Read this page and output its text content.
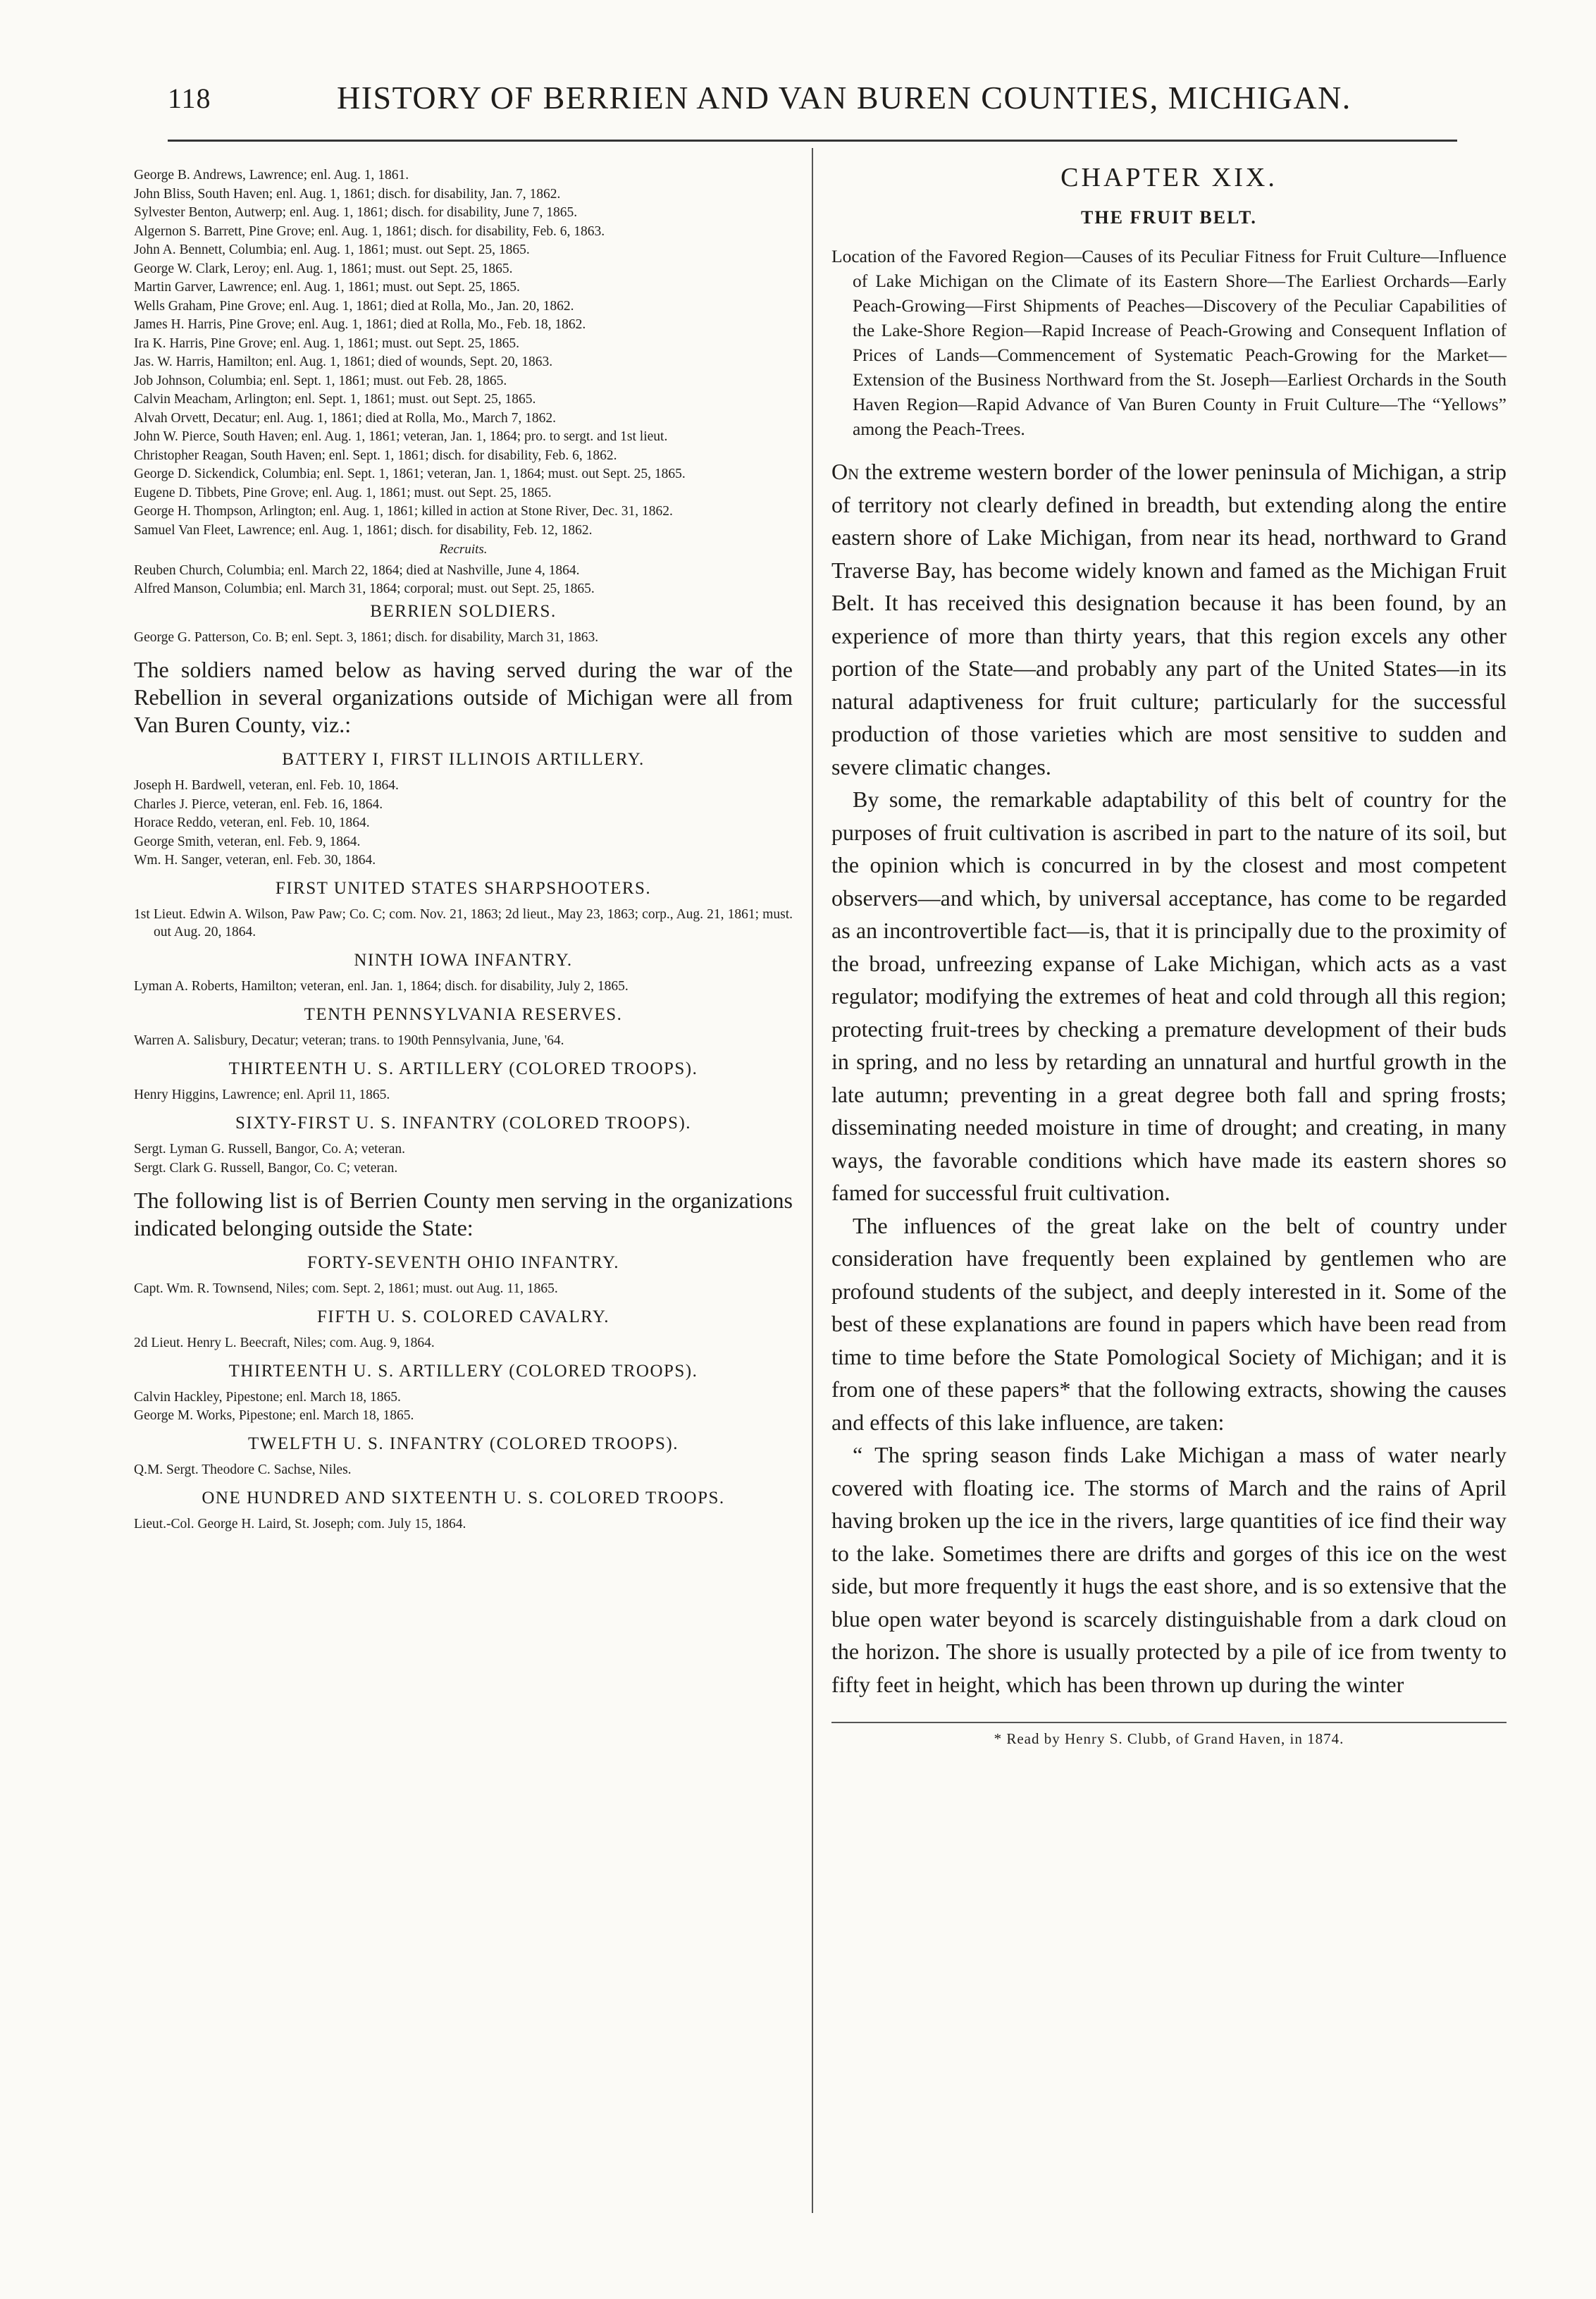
118	HISTORY OF BERRIEN AND VAN BUREN COUNTIES, MICHIGAN.
George B. Andrews, Lawrence; enl. Aug. 1, 1861.
John Bliss, South Haven; enl. Aug. 1, 1861; disch. for disability, Jan. 7, 1862.
Sylvester Benton, Autwerp; enl. Aug. 1, 1861; disch. for disability, June 7, 1865.
Algernon S. Barrett, Pine Grove; enl. Aug. 1, 1861; disch. for disability, Feb. 6, 1863.
John A. Bennett, Columbia; enl. Aug. 1, 1861; must. out Sept. 25, 1865.
George W. Clark, Leroy; enl. Aug. 1, 1861; must. out Sept. 25, 1865.
Martin Garver, Lawrence; enl. Aug. 1, 1861; must. out Sept. 25, 1865.
Wells Graham, Pine Grove; enl. Aug. 1, 1861; died at Rolla, Mo., Jan. 20, 1862.
James H. Harris, Pine Grove; enl. Aug. 1, 1861; died at Rolla, Mo., Feb. 18, 1862.
Ira K. Harris, Pine Grove; enl. Aug. 1, 1861; must. out Sept. 25, 1865.
Jas. W. Harris, Hamilton; enl. Aug. 1, 1861; died of wounds, Sept. 20, 1863.
Job Johnson, Columbia; enl. Sept. 1, 1861; must. out Feb. 28, 1865.
Calvin Meacham, Arlington; enl. Sept. 1, 1861; must. out Sept. 25, 1865.
Alvah Orvett, Decatur; enl. Aug. 1, 1861; died at Rolla, Mo., March 7, 1862.
John W. Pierce, South Haven; enl. Aug. 1, 1861; veteran, Jan. 1, 1864; pro. to sergt. and 1st lieut.
Christopher Reagan, South Haven; enl. Sept. 1, 1861; disch. for disability, Feb. 6, 1862.
George D. Sickendick, Columbia; enl. Sept. 1, 1861; veteran, Jan. 1, 1864; must. out Sept. 25, 1865.
Eugene D. Tibbets, Pine Grove; enl. Aug. 1, 1861; must. out Sept. 25, 1865.
George H. Thompson, Arlington; enl. Aug. 1, 1861; killed in action at Stone River, Dec. 31, 1862.
Samuel Van Fleet, Lawrence; enl. Aug. 1, 1861; disch. for disability, Feb. 12, 1862.
Recruits.
Reuben Church, Columbia; enl. March 22, 1864; died at Nashville, June 4, 1864.
Alfred Manson, Columbia; enl. March 31, 1864; corporal; must. out Sept. 25, 1865.
BERRIEN SOLDIERS.
George G. Patterson, Co. B; enl. Sept. 3, 1861; disch. for disability, March 31, 1863.

The soldiers named below as having served during the war of the Rebellion in several organizations outside of Michigan were all from Van Buren County, viz.:

BATTERY I, FIRST ILLINOIS ARTILLERY.
Joseph H. Bardwell, veteran, enl. Feb. 10, 1864.
Charles J. Pierce, veteran, enl. Feb. 16, 1864.
Horace Reddo, veteran, enl. Feb. 10, 1864.
George Smith, veteran, enl. Feb. 9, 1864.
Wm. H. Sanger, veteran, enl. Feb. 30, 1864.
FIRST UNITED STATES SHARPSHOOTERS.
1st Lieut. Edwin A. Wilson, Paw Paw; Co. C; com. Nov. 21, 1863; 2d lieut., May 23, 1863; corp., Aug. 21, 1861; must. out Aug. 20, 1864.
NINTH IOWA INFANTRY.
Lyman A. Roberts, Hamilton; veteran, enl. Jan. 1, 1864; disch. for disability, July 2, 1865.
TENTH PENNSYLVANIA RESERVES.
Warren A. Salisbury, Decatur; veteran; trans. to 190th Pennsylvania, June, '64.
THIRTEENTH U. S. ARTILLERY (COLORED TROOPS).
Henry Higgins, Lawrence; enl. April 11, 1865.
SIXTY-FIRST U. S. INFANTRY (COLORED TROOPS).
Sergt. Lyman G. Russell, Bangor, Co. A; veteran.
Sergt. Clark G. Russell, Bangor, Co. C; veteran.

The following list is of Berrien County men serving in the organizations indicated belonging outside the State:

FORTY-SEVENTH OHIO INFANTRY.
Capt. Wm. R. Townsend, Niles; com. Sept. 2, 1861; must. out Aug. 11, 1865.
FIFTH U. S. COLORED CAVALRY.
2d Lieut. Henry L. Beecraft, Niles; com. Aug. 9, 1864.
THIRTEENTH U. S. ARTILLERY (COLORED TROOPS).
Calvin Hackley, Pipestone; enl. March 18, 1865.
George M. Works, Pipestone; enl. March 18, 1865.
TWELFTH U. S. INFANTRY (COLORED TROOPS).
Q.M. Sergt. Theodore C. Sachse, Niles.
ONE HUNDRED AND SIXTEENTH U. S. COLORED TROOPS.
Lieut.-Col. George H. Laird, St. Joseph; com. July 15, 1864.
CHAPTER XIX.
THE FRUIT BELT.

Location of the Favored Region—Causes of its Peculiar Fitness for Fruit Culture—Influence of Lake Michigan on the Climate of its Eastern Shore—The Earliest Orchards—Early Peach-Growing—First Shipments of Peaches—Discovery of the Peculiar Capabilities of the Lake-Shore Region—Rapid Increase of Peach-Growing and Consequent Inflation of Prices of Lands—Commencement of Systematic Peach-Growing for the Market—Extension of the Business Northward from the St. Joseph—Earliest Orchards in the South Haven Region—Rapid Advance of Van Buren County in Fruit Culture—The “Yellows” among the Peach-Trees.

On the extreme western border of the lower peninsula of Michigan, a strip of territory not clearly defined in breadth, but extending along the entire eastern shore of Lake Michigan, from near its head, northward to Grand Traverse Bay, has become widely known and famed as the Michigan Fruit Belt. It has received this designation because it has been found, by an experience of more than thirty years, that this region excels any other portion of the State—and probably any part of the United States—in its natural adaptiveness for fruit culture; particularly for the successful production of those varieties which are most sensitive to sudden and severe climatic changes.

By some, the remarkable adaptability of this belt of country for the purposes of fruit cultivation is ascribed in part to the nature of its soil, but the opinion which is concurred in by the closest and most competent observers—and which, by universal acceptance, has come to be regarded as an incontrovertible fact—is, that it is principally due to the proximity of the broad, unfreezing expanse of Lake Michigan, which acts as a vast regulator; modifying the extremes of heat and cold through all this region; protecting fruit-trees by checking a premature development of their buds in spring, and no less by retarding an unnatural and hurtful growth in the late autumn; preventing in a great degree both fall and spring frosts; disseminating needed moisture in time of drought; and creating, in many ways, the favorable conditions which have made its eastern shores so famed for successful fruit cultivation.

The influences of the great lake on the belt of country under consideration have frequently been explained by gentlemen who are profound students of the subject, and deeply interested in it. Some of the best of these explanations are found in papers which have been read from time to time before the State Pomological Society of Michigan; and it is from one of these papers* that the following extracts, showing the causes and effects of this lake influence, are taken:

“ The spring season finds Lake Michigan a mass of water nearly covered with floating ice. The storms of March and the rains of April having broken up the ice in the rivers, large quantities of ice find their way to the lake. Sometimes there are drifts and gorges of this ice on the west side, but more frequently it hugs the east shore, and is so extensive that the blue open water beyond is scarcely distinguishable from a dark cloud on the horizon. The shore is usually protected by a pile of ice from twenty to fifty feet in height, which has been thrown up during the winter

* Read by Henry S. Clubb, of Grand Haven, in 1874.
